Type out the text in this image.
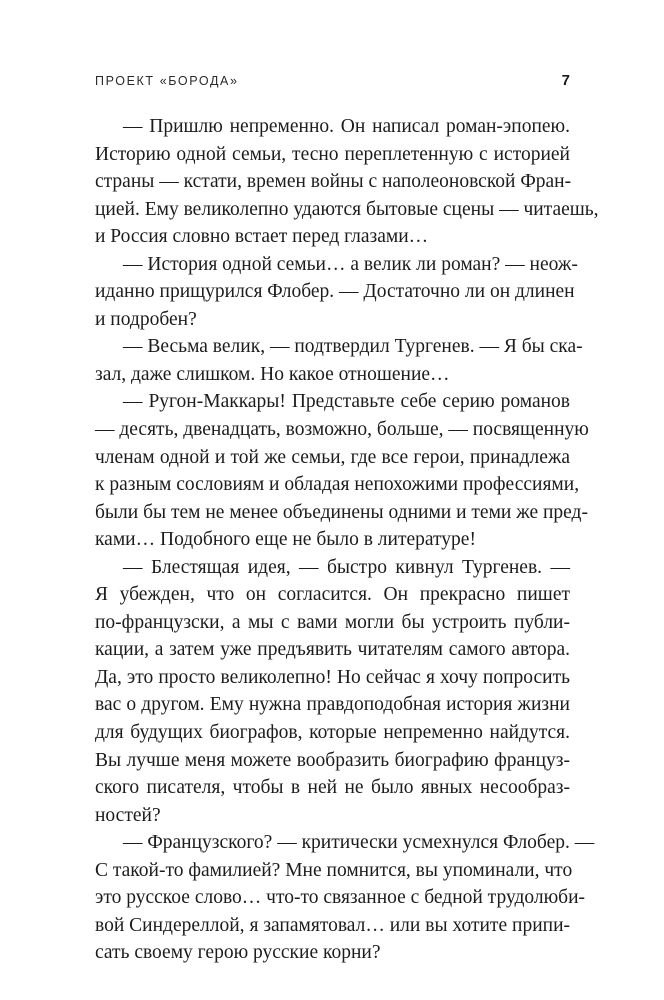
ПРОЕКТ «БОРОДА»	7
— Пришлю непременно. Он написал роман-эпопею.
Историю одной семьи, тесно переплетенную с историей
страны — кстати, времен войны с наполеоновской Фран-
цией. Ему великолепно удаются бытовые сцены — читаешь,
и Россия словно встает перед глазами…
— История одной семьи… а велик ли роман? — неож-
иданно прищурился Флобер. — Достаточно ли он длинен
и подробен?
— Весьма велик, — подтвердил Тургенев. — Я бы ска-
зал, даже слишком. Но какое отношение…
— Ругон-Маккары! Представьте себе серию романов
— десять, двенадцать, возможно, больше, — посвященную
членам одной и той же семьи, где все герои, принадлежа
к разным сословиям и обладая непохожими профессиями,
были бы тем не менее объединены одними и теми же пред-
ками… Подобного еще не было в литературе!
— Блестящая идея, — быстро кивнул Тургенев. —
Я убежден, что он согласится. Он прекрасно пишет
по-французски, а мы с вами могли бы устроить публи-
кации, а затем уже предъявить читателям самого автора.
Да, это просто великолепно! Но сейчас я хочу попросить
вас о другом. Ему нужна правдоподобная история жизни
для будущих биографов, которые непременно найдутся.
Вы лучше меня можете вообразить биографию француз-
ского писателя, чтобы в ней не было явных несообраз-
ностей?
— Французского? — критически усмехнулся Флобер. —
С такой-то фамилией? Мне помнится, вы упоминали, что
это русское слово… что-то связанное с бедной трудолюби-
вой Синдереллой, я запамятовал… или вы хотите припи-
сать своему герою русские корни?
